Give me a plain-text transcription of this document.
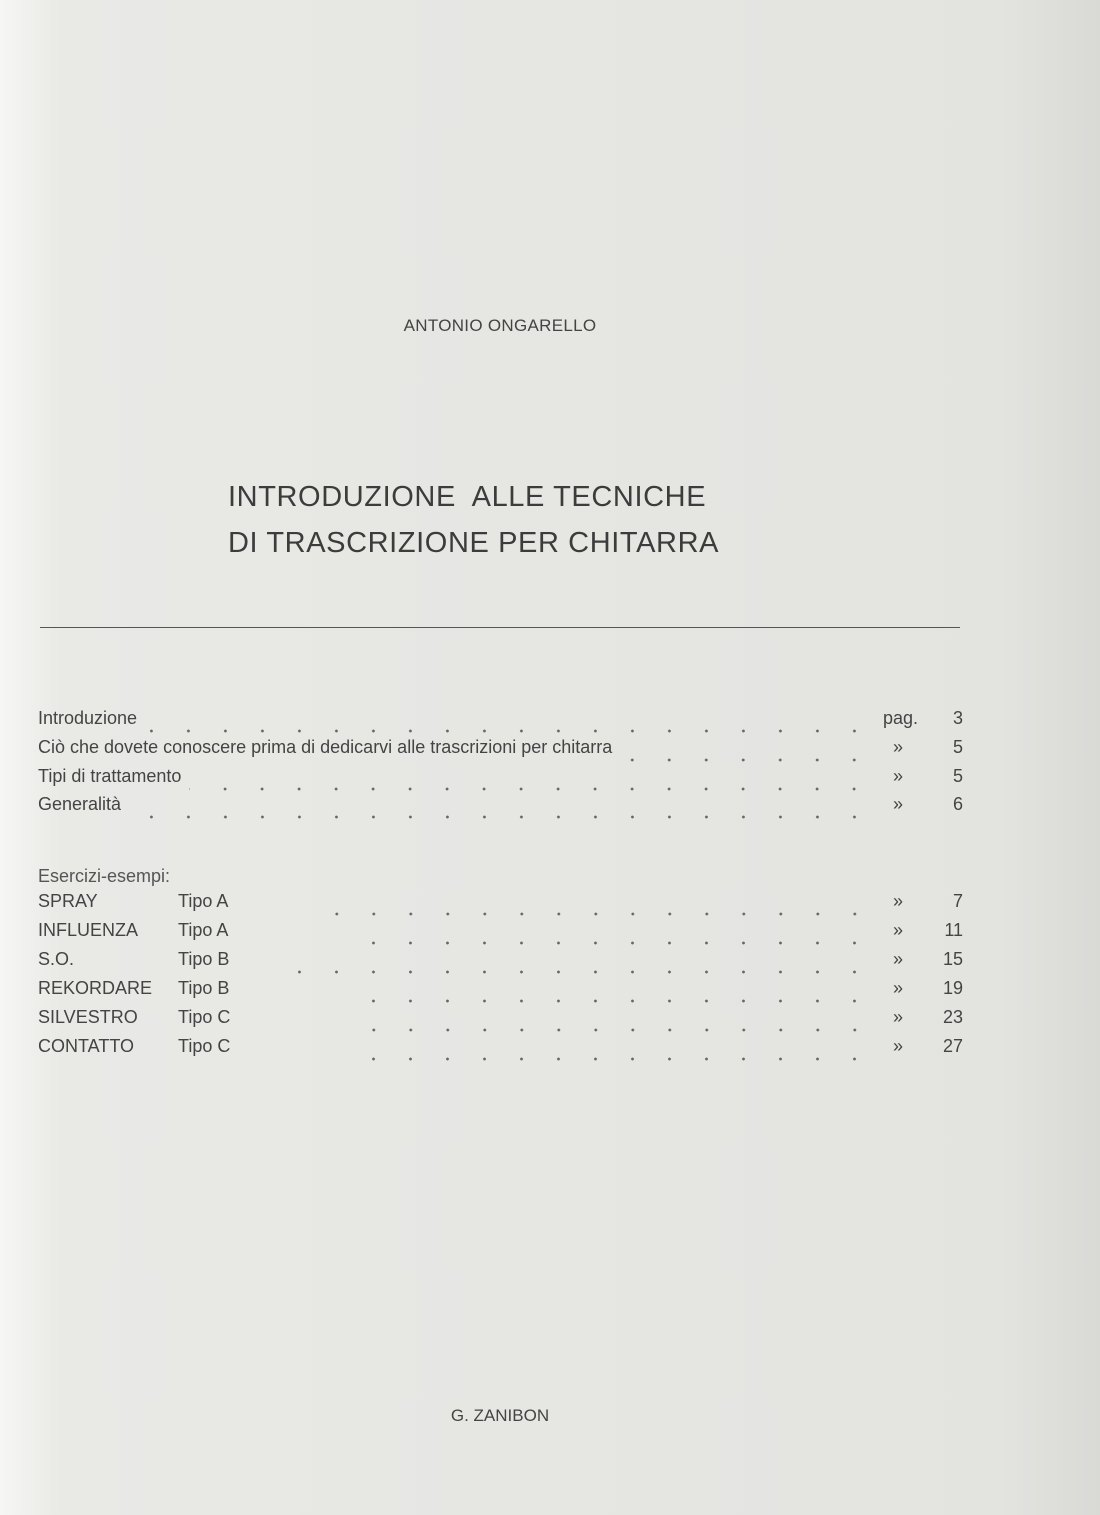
ANTONIO ONGARELLO
INTRODUZIONE  ALLE TECNICHE
DI TRASCRIZIONE PER CHITARRA
Introduzione	pag.	3
Ciò che dovete conoscere prima di dedicarvi alle trascrizioni per chitarra	»	5
Tipi di trattamento	»	5
Generalità	»	6
Esercizi-esempi:
SPRAY	Tipo A	»	7
INFLUENZA Tipo A	»	11
S.O.	Tipo B	»	15
REKORDARE Tipo B	»	19
SILVESTRO Tipo C	»	23
CONTATTO Tipo C	»	27
G. ZANIBON
